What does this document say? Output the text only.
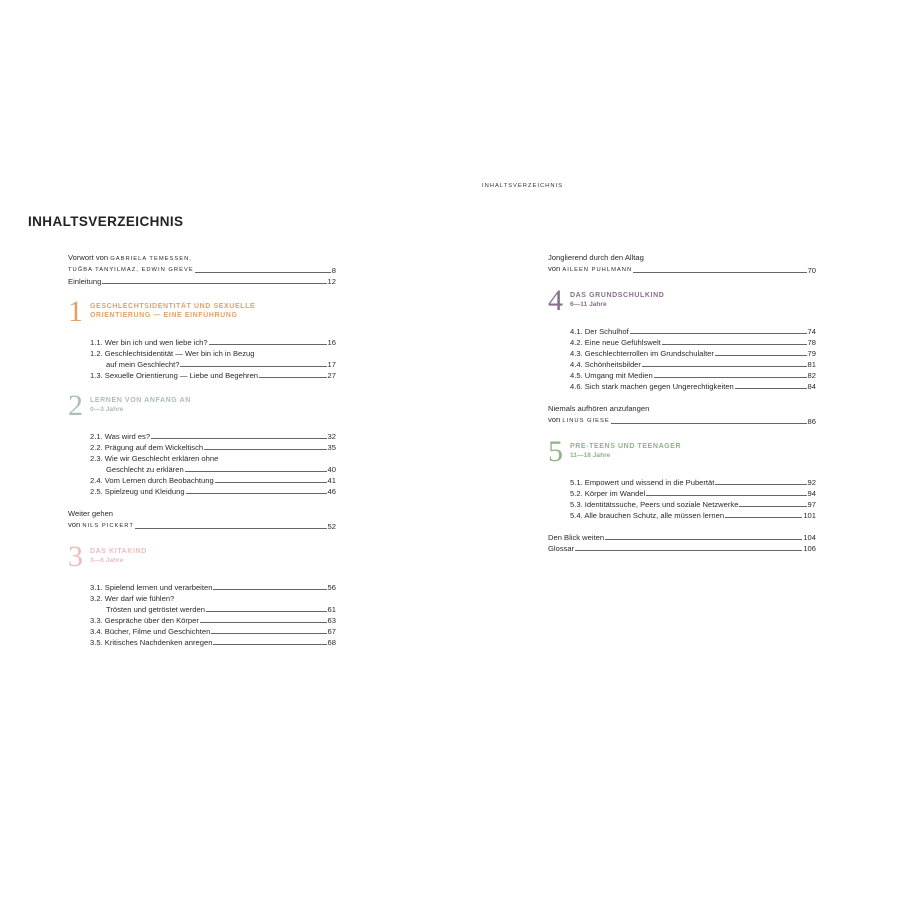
INHALTSVERZEICHNIS
Vorwort von GABRIELA TEMESSEN,
TUĞBA TANYILMAZ, EDWIN GREVE	8
Einleitung	12
1	GESCHLECHTSIDENTITÄT UND SEXUELLE
ORIENTIERUNG — EINE EINFÜHRUNG
1.1. Wer bin ich und wen liebe ich?	16
1.2. Geschlechtsidentität — Wer bin ich in Bezug
auf mein Geschlecht?	17
1.3. Sexuelle Orientierung — Liebe und Begehren	27
2	LERNEN VON ANFANG AN
0—3 Jahre
2.1. Was wird es?	32
2.2. Prägung auf dem Wickeltisch	35
2.3. Wie wir Geschlecht erklären ohne
Geschlecht zu erklären	40
2.4. Vom Lernen durch Beobachtung	41
2.5. Spielzeug und Kleidung	46
Weiter gehen
von NILS PICKERT	52
3	DAS KITAKIND
3—6 Jahre
3.1. Spielend lernen und verarbeiten	56
3.2. Wer darf wie fühlen?
Trösten und getröstet werden	61
3.3. Gespräche über den Körper	63
3.4. Bücher, Filme und Geschichten	67
3.5. Kritisches Nachdenken anregen	68
INHALTSVERZEICHNIS
Jonglierend durch den Alltag
von AILEEN PUHLMANN	70
4	DAS GRUNDSCHULKIND
6—11 Jahre
4.1. Der Schulhof	74
4.2. Eine neue Gefühlswelt	78
4.3. Geschlechterrollen im Grundschulalter	79
4.4. Schönheitsbilder	81
4.5. Umgang mit Medien	82
4.6. Sich stark machen gegen Ungerechtigkeiten	84
Niemals aufhören anzufangen
von LINUS GIESE	86
5	PRE-TEENS UND TEENAGER
11—18 Jahre
5.1. Empowert und wissend in die Pubertät	92
5.2. Körper im Wandel	94
5.3. Identitätssuche, Peers und soziale Netzwerke	97
5.4. Alle brauchen Schutz, alle müssen lernen	101
Den Blick weiten	104
Glossar	106
